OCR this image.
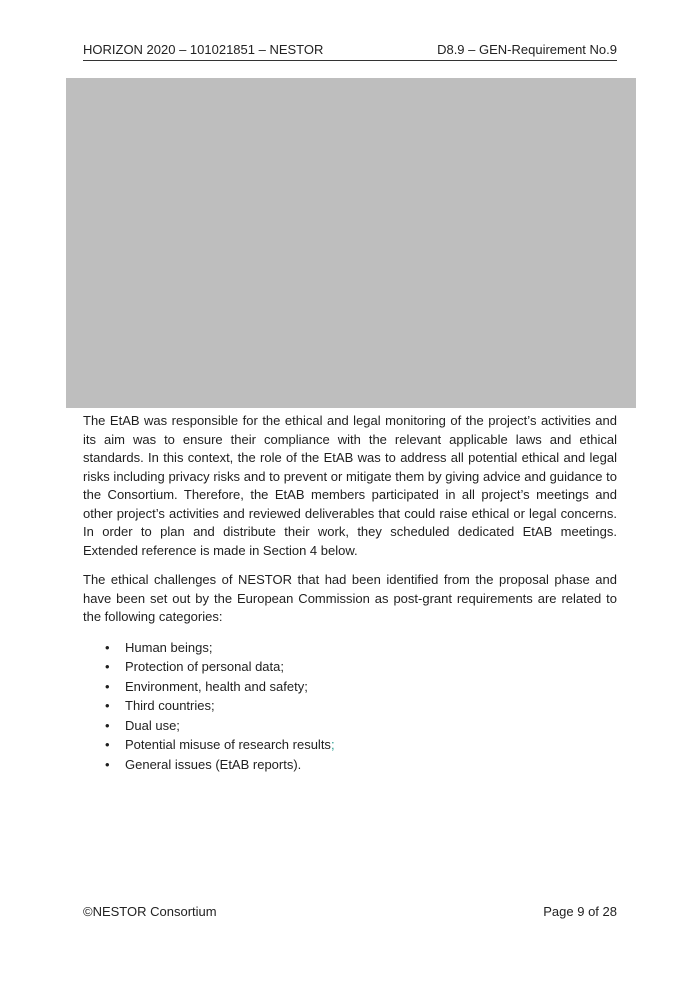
HORIZON 2020 – 101021851 – NESTOR	D8.9 – GEN-Requirement No.9

The EtAB was responsible for the ethical and legal monitoring of the project’s activities and its aim was to ensure their compliance with the relevant applicable laws and ethical standards. In this context, the role of the EtAB was to address all potential ethical and legal risks including privacy risks and to prevent or mitigate them by giving advice and guidance to the Consortium. Therefore, the EtAB members participated in all project’s meetings and other project’s activities and reviewed deliverables that could raise ethical or legal concerns. In order to plan and distribute their work, they scheduled dedicated EtAB meetings. Extended reference is made in Section 4 below.

The ethical challenges of NESTOR that had been identified from the proposal phase and have been set out by the European Commission as post-grant requirements are related to the following categories:

• Human beings;
• Protection of personal data;
• Environment, health and safety;
• Third countries;
• Dual use;
• Potential misuse of research results;
• General issues (EtAB reports).
©NESTOR Consortium	Page 9 of 28
